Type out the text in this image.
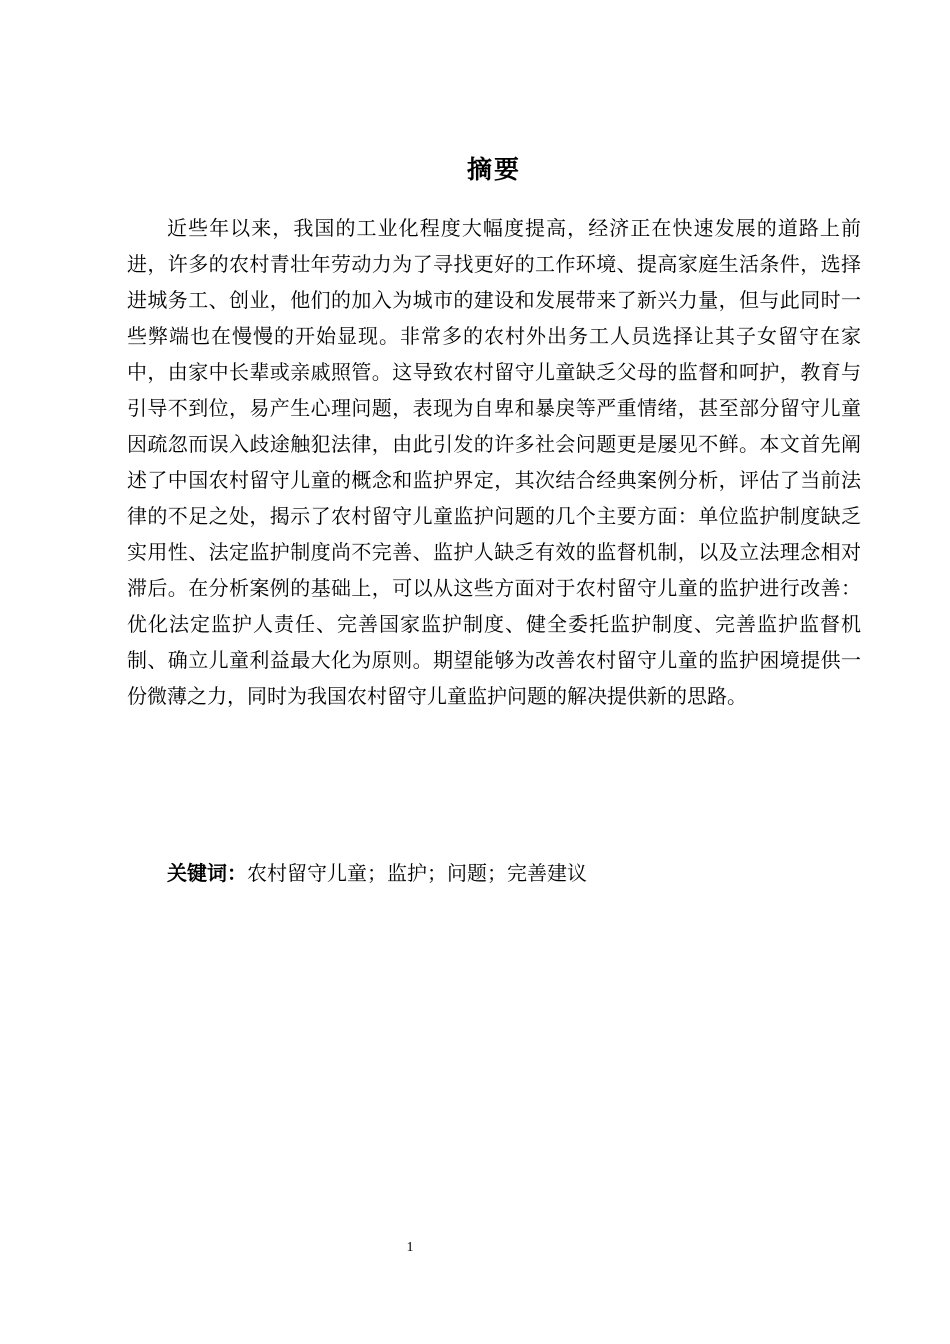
摘要

近些年以来，我国的工业化程度大幅度提高，经济正在快速发展的道路上前进，许多的农村青壮年劳动力为了寻找更好的工作环境、提高家庭生活条件，选择进城务工、创业，他们的加入为城市的建设和发展带来了新兴力量，但与此同时一些弊端也在慢慢的开始显现。非常多的农村外出务工人员选择让其子女留守在家中，由家中长辈或亲戚照管。这导致农村留守儿童缺乏父母的监督和呵护，教育与引导不到位，易产生心理问题，表现为自卑和暴戾等严重情绪，甚至部分留守儿童因疏忽而误入歧途触犯法律，由此引发的许多社会问题更是屡见不鲜。本文首先阐述了中国农村留守儿童的概念和监护界定，其次结合经典案例分析，评估了当前法律的不足之处，揭示了农村留守儿童监护问题的几个主要方面：单位监护制度缺乏实用性、法定监护制度尚不完善、监护人缺乏有效的监督机制，以及立法理念相对滞后。在分析案例的基础上，可以从这些方面对于农村留守儿童的监护进行改善：优化法定监护人责任、完善国家监护制度、健全委托监护制度、完善监护监督机制、确立儿童利益最大化为原则。期望能够为改善农村留守儿童的监护困境提供一份微薄之力，同时为我国农村留守儿童监护问题的解决提供新的思路。

关键词：农村留守儿童；监护；问题；完善建议
1
